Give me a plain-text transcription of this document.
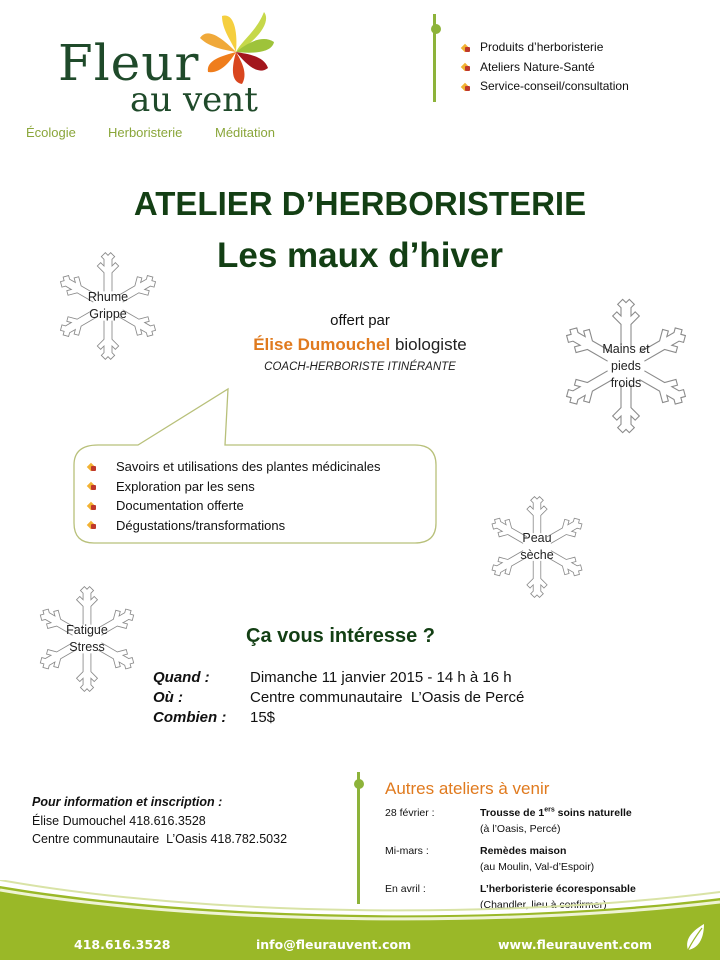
Fleur
au vent
Écologie Herboristerie	Méditation
Produits d’herboristerie
Ateliers Nature-Santé
Service-conseil/consultation
ATELIER D’HERBORISTERIE
Les maux d’hiver
offert par
Élise Dumouchel biologiste
COACH-HERBORISTE ITINÉRANTE
Rhume
Grippe
Mains et
pieds
froids
Peau
sèche
Fatigue
Stress
Savoirs et utilisations des plantes médicinales
Exploration par les sens
Documentation offerte
Dégustations/transformations
Ça vous intéresse ?
Quand :	Dimanche 11 janvier 2015 - 14 h à 16 h
Où :	Centre communautaire  L’Oasis de Percé
Combien :	15$
Pour information et inscription :
Élise Dumouchel 418.616.3528
Centre communautaire  L’Oasis 418.782.5032
Autres ateliers à venir
28 février :	Trousse de 1ers soins naturelle
(à l’Oasis, Percé)
Mi-mars :	Remèdes maison
(au Moulin, Val-d’Espoir)
En avril :	L’herboristerie écoresponsable
(Chandler, lieu à confirmer)
418.616.3528	info@fleurauvent.com	www.fleurauvent.com
